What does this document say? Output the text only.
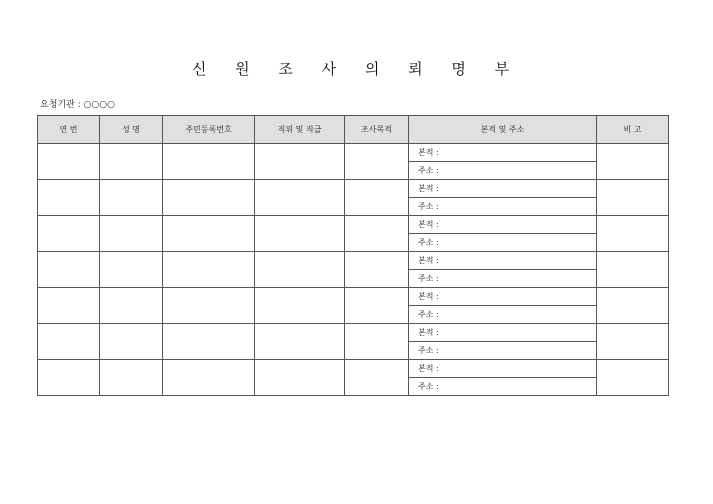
신 원 조 사 의 뢰 명 부
요청기관 : ○○○○
연 번	성 명	주민등록번호	직위 및 직급	조사목적	본적 및 주소	비 고
					본적 :	
					주소 :	
					본적 :	
					주소 :	
					본적 :	
					주소 :	
					본적 :	
					주소 :	
					본적 :	
					주소 :	
					본적 :	
					주소 :	
					본적 :	
					주소 :	
